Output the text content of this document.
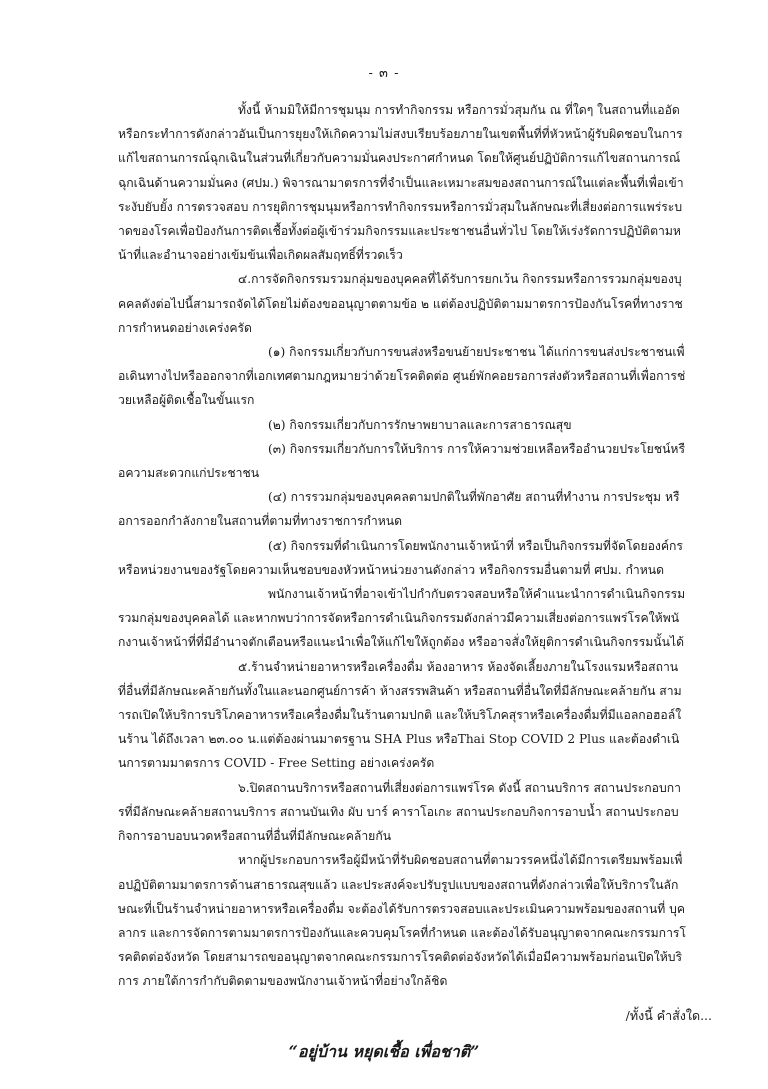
- ๓ -

ทั้งนี้ ห้ามมิให้มีการชุมนุม การทำกิจกรรม หรือการมั่วสุมกัน ณ ที่ใดๆ ในสถานที่แออัด หรือกระทำการดังกล่าวอันเป็นการยุยงให้เกิดความไม่สงบเรียบร้อยภายในเขตพื้นที่ที่หัวหน้าผู้รับผิดชอบในการแก้ไขสถานการณ์ฉุกเฉินในส่วนที่เกี่ยวกับความมั่นคงประกาศกำหนด โดยให้ศูนย์ปฏิบัติการแก้ไขสถานการณ์ฉุกเฉินด้านความมั่นคง (ศปม.) พิจารณามาตรการที่จำเป็นและเหมาะสมของสถานการณ์ในแต่ละพื้นที่เพื่อเข้าระงับยับยั้ง การตรวจสอบ การยุติการชุมนุมหรือการทำกิจกรรมหรือการมั่วสุมในลักษณะที่เสี่ยงต่อการแพร่ระบาดของโรคเพื่อป้องกันการติดเชื้อทั้งต่อผู้เข้าร่วมกิจกรรมและประชาชนอื่นทั่วไป โดยให้เร่งรัดการปฏิบัติตามหน้าที่และอำนาจอย่างเข้มข้นเพื่อเกิดผลสัมฤทธิ์ที่รวดเร็ว

๔.การจัดกิจกรรมรวมกลุ่มของบุคคลที่ได้รับการยกเว้น กิจกรรมหรือการรวมกลุ่มของบุคคลดังต่อไปนี้สามารถจัดได้โดยไม่ต้องขออนุญาตตามข้อ ๒ แต่ต้องปฏิบัติตามมาตรการป้องกันโรคที่ทางราชการกำหนดอย่างเคร่งครัด

(๑) กิจกรรมเกี่ยวกับการขนส่งหรือขนย้ายประชาชน ได้แก่การขนส่งประชาชนเพื่อเดินทางไปหรือออกจากที่เอกเทศตามกฎหมายว่าด้วยโรคติดต่อ ศูนย์พักคอยรอการส่งตัวหรือสถานที่เพื่อการช่วยเหลือผู้ติดเชื้อในขั้นแรก

(๒) กิจกรรมเกี่ยวกับการรักษาพยาบาลและการสาธารณสุข

(๓) กิจกรรมเกี่ยวกับการให้บริการ การให้ความช่วยเหลือหรืออำนวยประโยชน์หรือความสะดวกแก่ประชาชน

(๔) การรวมกลุ่มของบุคคลตามปกติในที่พักอาศัย สถานที่ทำงาน การประชุม หรือการออกกำลังกายในสถานที่ตามที่ทางราชการกำหนด

(๕) กิจกรรมที่ดำเนินการโดยพนักงานเจ้าหน้าที่ หรือเป็นกิจกรรมที่จัดโดยองค์กรหรือหน่วยงานของรัฐโดยความเห็นชอบของหัวหน้าหน่วยงานดังกล่าว หรือกิจกรรมอื่นตามที่ ศปม. กำหนด

พนักงานเจ้าหน้าที่อาจเข้าไปกำกับตรวจสอบหรือให้คำแนะนำการดำเนินกิจกรรมรวมกลุ่มของบุคคลได้ และหากพบว่าการจัดหรือการดำเนินกิจกรรมดังกล่าวมีความเสี่ยงต่อการแพร่โรคให้พนักงานเจ้าหน้าที่ที่มีอำนาจตักเตือนหรือแนะนำเพื่อให้แก้ไขให้ถูกต้อง หรืออาจสั่งให้ยุติการดำเนินกิจกรรมนั้นได้

๕.ร้านจำหน่ายอาหารหรือเครื่องดื่ม ห้องอาหาร ห้องจัดเลี้ยงภายในโรงแรมหรือสถานที่อื่นที่มีลักษณะคล้ายกันทั้งในและนอกศูนย์การค้า ห้างสรรพสินค้า หรือสถานที่อื่นใดที่มีลักษณะคล้ายกัน สามารถเปิดให้บริการบริโภคอาหารหรือเครื่องดื่มในร้านตามปกติ และให้บริโภคสุราหรือเครื่องดื่มที่มีแอลกอฮอล์ในร้าน ได้ถึงเวลา ๒๓.๐๐ น.แต่ต้องผ่านมาตรฐาน SHA Plus หรือThai Stop COVID 2 Plus และต้องดำเนินการตามมาตรการ COVID - Free Setting อย่างเคร่งครัด

๖.ปิดสถานบริการหรือสถานที่เสี่ยงต่อการแพร่โรค ดังนี้ สถานบริการ สถานประกอบการที่มีลักษณะคล้ายสถานบริการ สถานบันเทิง ผับ บาร์ คาราโอเกะ สถานประกอบกิจการอาบน้ำ สถานประกอบกิจการอาบอบนวดหรือสถานที่อื่นที่มีลักษณะคล้ายกัน

หากผู้ประกอบการหรือผู้มีหน้าที่รับผิดชอบสถานที่ตามวรรคหนึ่งได้มีการเตรียมพร้อมเพื่อปฏิบัติตามมาตรการด้านสาธารณสุขแล้ว และประสงค์จะปรับรูปแบบของสถานที่ดังกล่าวเพื่อให้บริการในลักษณะที่เป็นร้านจำหน่ายอาหารหรือเครื่องดื่ม จะต้องได้รับการตรวจสอบและประเมินความพร้อมของสถานที่ บุคลากร และการจัดการตามมาตรการป้องกันและควบคุมโรคที่กำหนด และต้องได้รับอนุญาตจากคณะกรรมการโรคติดต่อจังหวัด โดยสามารถขออนุญาตจากคณะกรรมการโรคติดต่อจังหวัดได้เมื่อมีความพร้อมก่อนเปิดให้บริการ ภายใต้การกำกับติดตามของพนักงานเจ้าหน้าที่อย่างใกล้ชิด

/ทั้งนี้ คำสั่งใด...
“อยู่บ้าน หยุดเชื้อ เพื่อชาติ”
